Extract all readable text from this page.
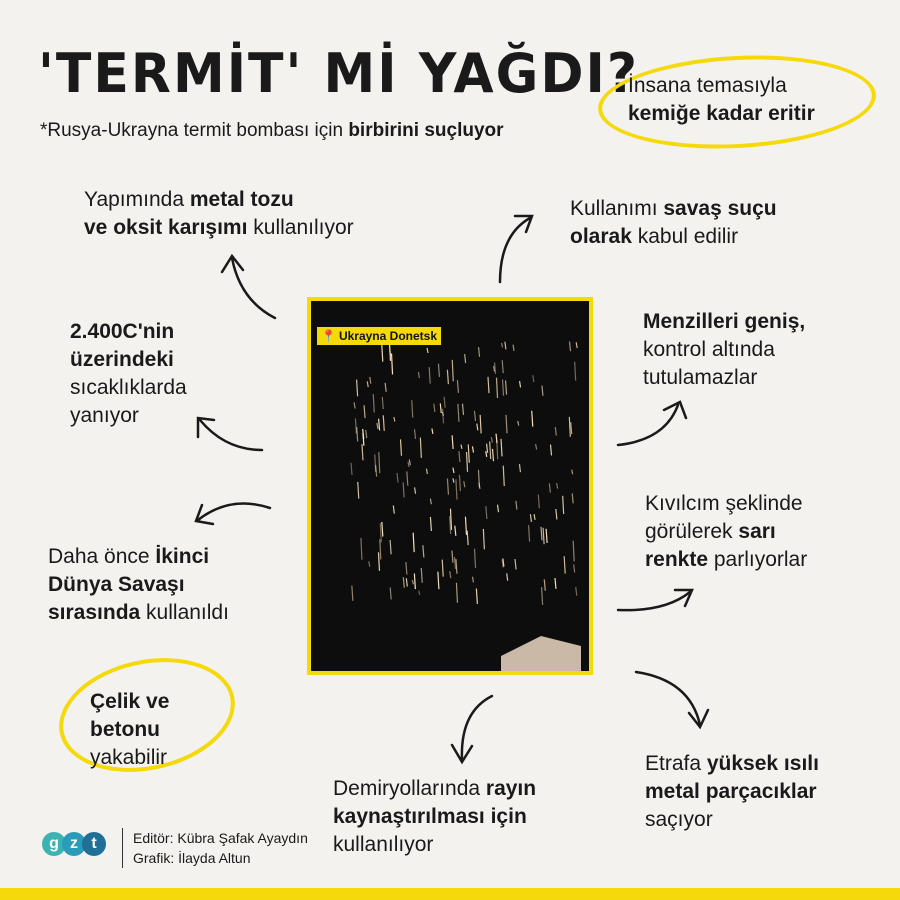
'TERMİT' Mİ YAĞDI?
*Rusya-Ukrayna termit bombası için birbirini suçluyor
İnsana temasıyla
kemiğe kadar eritir
Yapımında metal tozu
ve oksit karışımı kullanılıyor
Kullanımı savaş suçu
olarak kabul edilir
2.400C'nin
üzerindeki
sıcaklıklarda
yanıyor
Menzilleri geniş,
kontrol altında
tutulamazlar
Kıvılcım şeklinde
görülerek sarı
renkte parlıyorlar
Daha önce İkinci
Dünya Savaşı
sırasında kullanıldı
Çelik ve
betonu
yakabilir
Demiryollarında rayın
kaynaştırılması için
kullanılıyor
Etrafa yüksek ısılı
metal parçacıklar
saçıyor
📍 Ukrayna Donetsk
g z t	Editör: Kübra Şafak Ayaydın
Grafik: İlayda Altun
